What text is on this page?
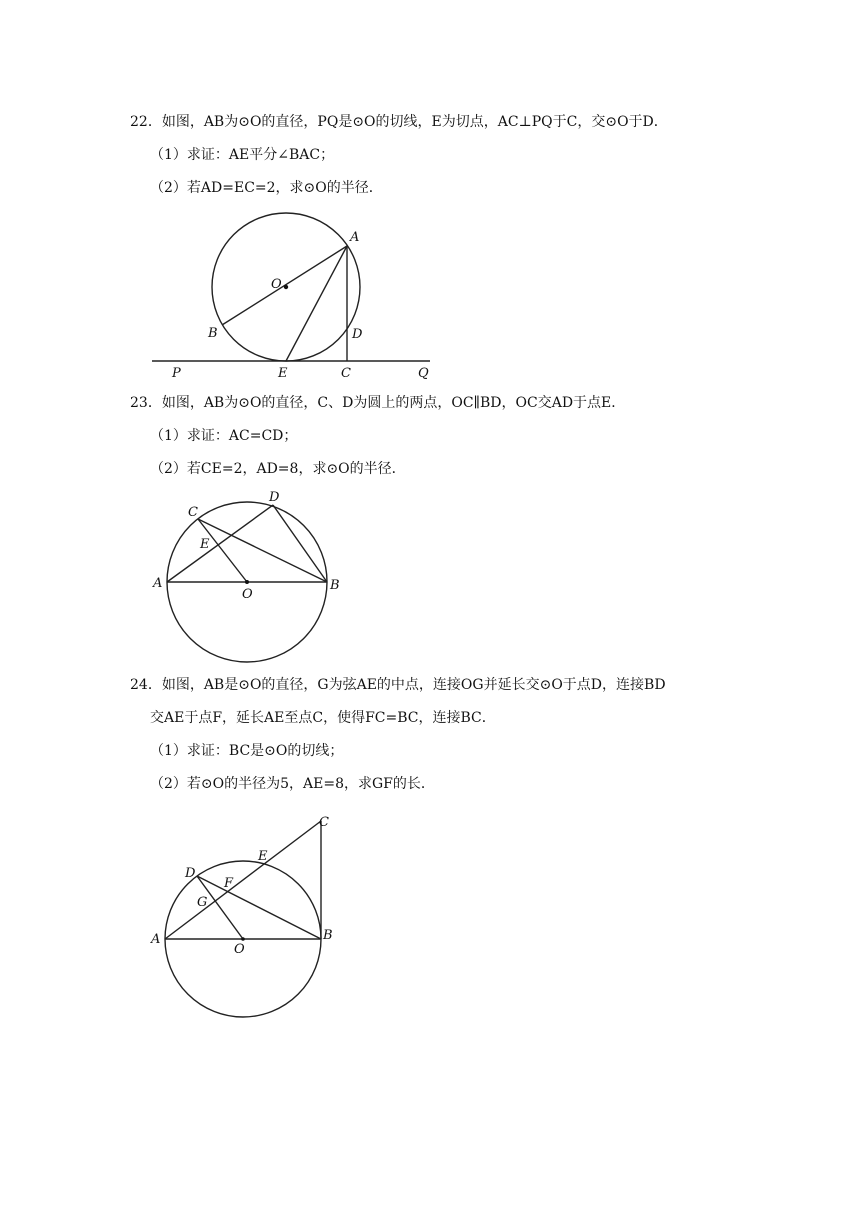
22．如图，AB为⊙O的直径，PQ是⊙O的切线，E为切点，AC⊥PQ于C，交⊙O于D．
（1）求证：AE平分∠BAC；
（2）若AD=EC=2，求⊙O的半径．
A
O
B	D
P	E	C	Q
23．如图，AB为⊙O的直径，C、D为圆上的两点，OC∥BD，OC交AD于点E．
（1）求证：AC=CD；
（2）若CE=2，AD=8，求⊙O的半径．
C
D
E
A
O
B
24．如图，AB是⊙O的直径，G为弦AE的中点，连接OG并延长交⊙O于点D，连接BD
交AE于点F，延长AE至点C，使得FC=BC，连接BC．
（1）求证：BC是⊙O的切线；
（2）若⊙O的半径为5，AE=8，求GF的长．
C
E
D
F
G
A
O
B
